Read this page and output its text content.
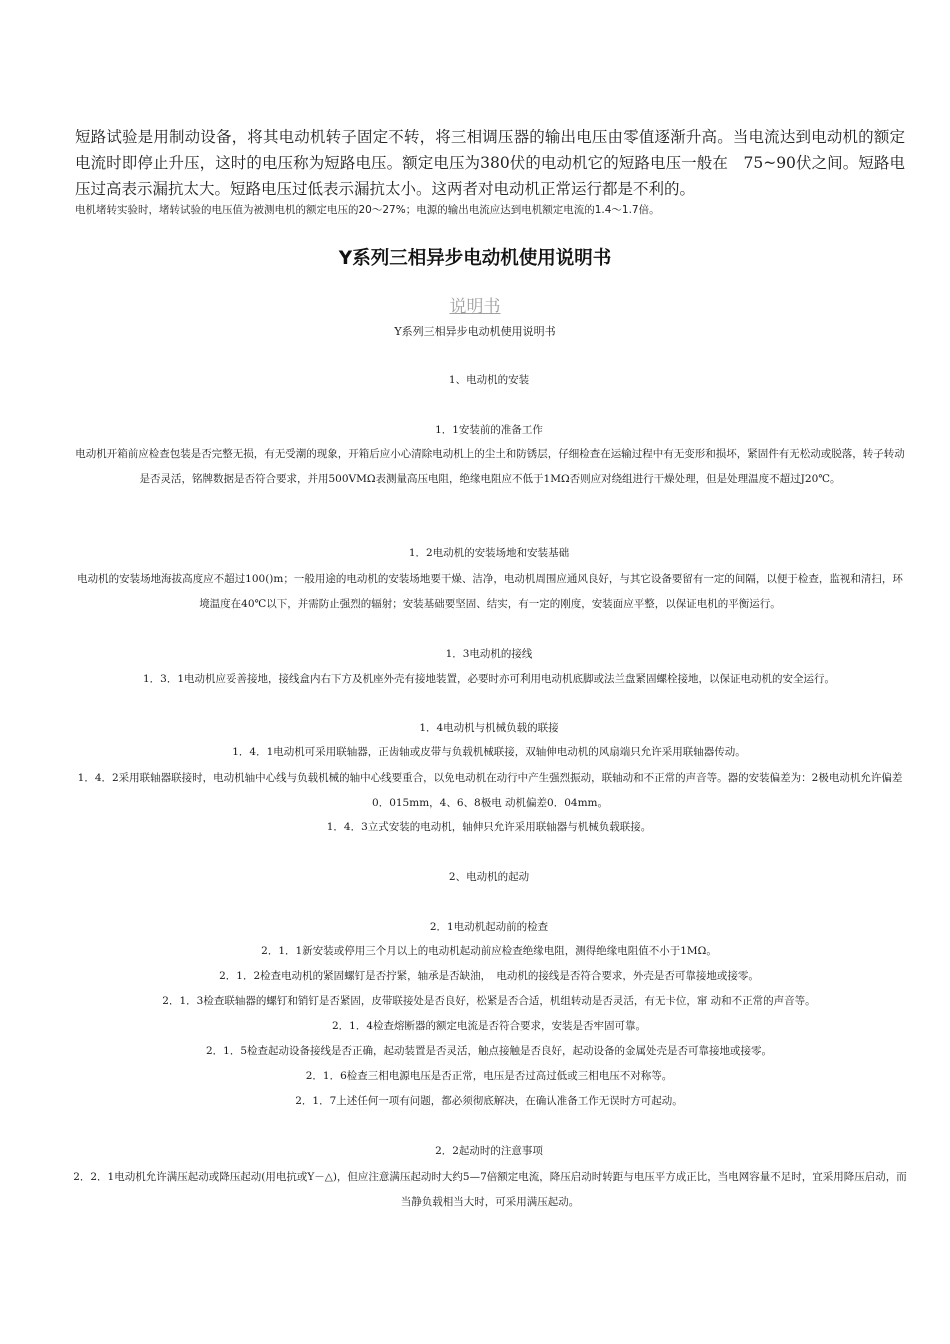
短路试验是用制动设备，将其电动机转子固定不转，将三相调压器的输出电压由零值逐渐升高。当电流达到电动机的额定电流时即停止升压，这时的电压称为短路电压。额定电压为380伏的电动机它的短路电压一般在　75~90伏之间。短路电压过高表示漏抗太大。短路电压过低表示漏抗太小。这两者对电动机正常运行都是不利的。
电机堵转实验时，堵转试验的电压值为被测电机的额定电压的20～27%；电源的输出电流应达到电机额定电流的1.4～1.7倍。
Y系列三相异步电动机使用说明书
说明书
Y系列三相异步电动机使用说明书
1、电动机的安装
1．1安装前的准备工作
电动机开箱前应检查包装是否完整无损，有无受潮的现象，开箱后应小心清除电动机上的尘土和防锈层，仔细检查在运输过程中有无变形和损坏，紧固件有无松动或脱落，转子转动是否灵活，铭牌数据是否符合要求，并用500VMΩ表测量高压电阻，绝缘电阻应不低于1MΩ否则应对绕组进行干燥处理，但是处理温度不超过J20℃。
1．2电动机的安装场地和安装基础
电动机的安装场地海拔高度应不超过100()m；一般用途的电动机的安装场地要干燥、洁净，电动机周围应通风良好，与其它设备要留有一定的间隔，以便于检查，监视和清扫，环境温度在40℃以下，并需防止强烈的辐射；安装基础要坚固、结实，有一定的刚度，安装面应平整，以保证电机的平衡运行。
1．3电动机的接线
1．3．1电动机应妥善接地，接线盒内右下方及机座外壳有接地装置，必要时亦可利用电动机底脚或法兰盘紧固螺栓接地，以保证电动机的安全运行。
1．4电动机与机械负载的联接
1．4．1电动机可采用联轴器，正齿轴或皮带与负载机械联接，双轴伸电动机的风扇端只允许采用联轴器传动。
1．4．2采用联轴器联接时，电动机轴中心线与负载机械的轴中心线要重合，以免电动机在动行中产生强烈振动，联轴动和不正常的声音等。器的安装偏差为：2极电动机允许偏差0．015mm，4、6、8极电 动机偏差0．04mm。
1．4．3立式安装的电动机，轴伸只允许采用联轴器与机械负载联接。
2、电动机的起动
2．1电动机起动前的检查
2．1．1新安装或停用三个月以上的电动机起动前应检查绝缘电阻，测得绝缘电阻值不小于1MΩ。
2．1．2检查电动机的紧固螺钉是否拧紧，轴承是否缺油，　电动机的接线是否符合要求，外壳是否可靠接地或接零。
2．1．3检查联轴器的螺钉和销钉是否紧固，皮带联接处是否良好，松紧是否合适，机组转动是否灵活，有无卡位，窜 动和不正常的声音等。
2．1．4检查熔断器的额定电流是否符合要求，安装是否牢固可靠。
2．1．5检查起动设备接线是否正确，起动装置是否灵活，触点接触是否良好，起动设备的金属处壳是否可靠接地或接零。
2．1．6检查三相电源电压是否正常，电压是否过高过低或三相电压不对称等。
2．1．7上述任何一项有问题，都必须彻底解决，在确认准备工作无误时方可起动。
2．2起动时的注意事项
2．2．1电动机允许满压起动或降压起动(用电抗或Y－△)，但应注意满压起动时大约5—7倍额定电流，降压启动时转距与电压平方成正比，当电网容量不足时，宜采用降压启动，而当静负载相当大时，可采用满压起动。
